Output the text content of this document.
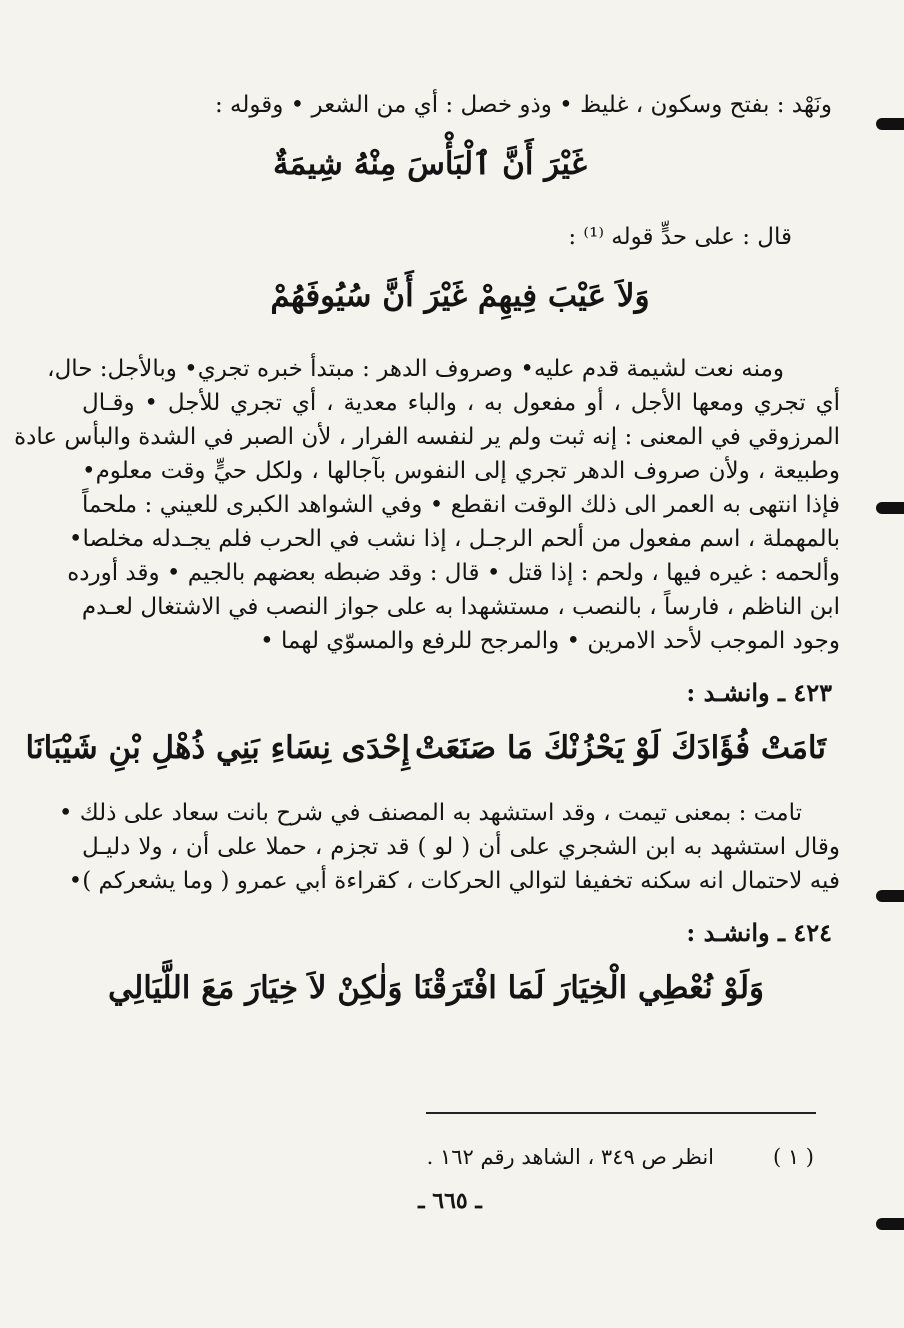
ونَهْد : بفتح وسكون ، غليظ • وذو خصل : أي من الشعر • وقوله :
غَيْرَ أَنَّ ٱلْبَأْسَ مِنْهُ شِيمَةٌ
قال : على حدٍّ قوله ⁽¹⁾ :
وَلاَ عَيْبَ فِيهِمْ غَيْرَ أَنَّ سُيُوفَهُمْ
ومنه نعت لشيمة قدم عليه• وصروف الدهر : مبتدأ خبره تجري• وبالأجل: حال،
أي تجري ومعها الأجل ، أو مفعول به ، والباء معدية ، أي تجري للأجل • وقـال
المرزوقي في المعنى : إنه ثبت ولم ير لنفسه الفرار ، لأن الصبر في الشدة والبأس عادة
وطبيعة ، ولأن صروف الدهر تجري إلى النفوس بآجالها ، ولكل حيٍّ وقت معلوم•
فإذا انتهى به العمر الى ذلك الوقت انقطع • وفي الشواهد الكبرى للعيني : ملحماً
بالمهملة ، اسم مفعول من ألحم الرجـل ، إذا نشب في الحرب فلم يجـدله مخلصا•
وألحمه : غيره فيها ، ولحم : إذا قتل • قال : وقد ضبطه بعضهم بالجيم • وقد أورده
ابن الناظم ، فارساً ، بالنصب ، مستشهدا به على جواز النصب في الاشتغال لعـدم
وجود الموجب لأحد الامرين • والمرجح للرفع والمسوّي لهما •
٤٢٣ ـ وانشـد :
تَامَتْ فُؤَادَكَ لَوْ يَحْزُنْكَ مَا صَنَعَتْ
إِحْدَى نِسَاءِ بَنِي ذُهْلِ بْنِ شَيْبَانَا
تامت : بمعنى تيمت ، وقد استشهد به المصنف في شرح بانت سعاد على ذلك •
وقال استشهد به ابن الشجري على أن ( لو ) قد تجزم ، حملا على أن ، ولا دليـل
فيه لاحتمال انه سكنه تخفيفا لتوالي الحركات ، كقراءة أبي عمرو ( وما يشعركم )•
٤٢٤ ـ وانشـد :
وَلَوْ نُعْطِي الْخِيَارَ لَمَا افْتَرَقْنَا
وَلٰكِنْ لاَ خِيَارَ مَعَ اللَّيَالِي
( ١ )
انظر ص ٣٤٩ ، الشاهد رقم ١٦٢ .
ـ ٦٦٥ ـ
